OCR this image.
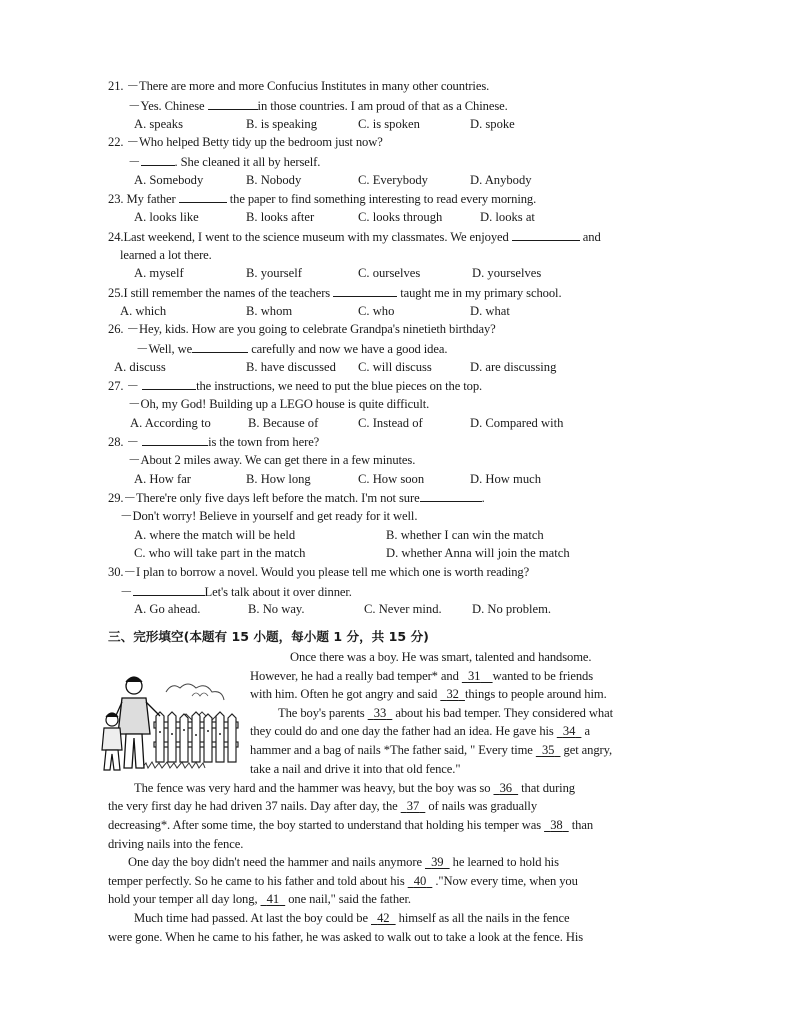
21. －There are more and more Confucius Institutes in many other countries.
－Yes. Chinese	in those countries. I am proud of that as a Chinese.
A. speaks	B. is speaking	C. is spoken	D. spoke
22. －Who helped Betty tidy up the bedroom just now?
－	. She cleaned it all by herself.
A. Somebody	B. Nobody	C. Everybody	D. Anybody
23. My father	the paper to find something interesting to read every morning.
A. looks like	B. looks after	C. looks through	D. looks at
24.Last weekend, I went to the science museum with my classmates. We enjoyed	and
learned a lot there.
A. myself	B. yourself	C. ourselves	D. yourselves
25.I still remember the names of the teachers	taught me in my primary school.
A. which	B. whom	C. who	D. what
26. －Hey, kids. How are you going to celebrate Grandpa's ninetieth birthday?
－Well, we	carefully and now we have a good idea.
A. discuss	B. have discussed C. will discuss	D. are discussing
27. －	the instructions, we need to put the blue pieces on the top.
－Oh, my God! Building up a LEGO house is quite difficult.
A. According to	B. Because of	C. Instead of	D. Compared with
28. －	is the town from here?
－About 2 miles away. We can get there in a few minutes.
A. How far	B. How long	C. How soon	D. How much
29.－There're only five days left before the match. I'm not sure	.
－Don't worry! Believe in yourself and get ready for it well.
A. where the match will be held	B. whether I can win the match
C. who will take part in the match	D. whether Anna will join the match
30.－I plan to borrow a novel. Would you please tell me which one is worth reading?
－	Let's talk about it over dinner.
A. Go ahead.	B. No way.	C. Never mind. D. No problem.
三、完形填空(本题有 15 小题，每小题 1 分，共 15 分)
Once there was a boy. He was smart, talented and handsome.
However, he had a really bad temper* and   31 wanted to be friends
with him. Often he got angry and said   32 things to people around him.
The boy's parents   33   about his bad temper. They considered what
they could do and one day the father had an idea. He gave his   34   a
hammer and a bag of nails *The father said, " Every time   35   get angry,
take a nail and drive it into that old fence."
The fence was very hard and the hammer was heavy, but the boy was so   36   that during
the very first day he had driven 37 nails. Day after day, the   37   of nails was gradually
decreasing*. After some time, the boy started to understand that holding his temper was   38   than
driving nails into the fence.
One day the boy didn't need the hammer and nails anymore   39   he learned to hold his
temper perfectly. So he came to his father and told about his   40   ."Now every time, when you
hold your temper all day long,   41   one nail," said the father.
Much time had passed. At last the boy could be   42   himself as all the nails in the fence
were gone. When he came to his father, he was asked to walk out to take a look at the fence. His
